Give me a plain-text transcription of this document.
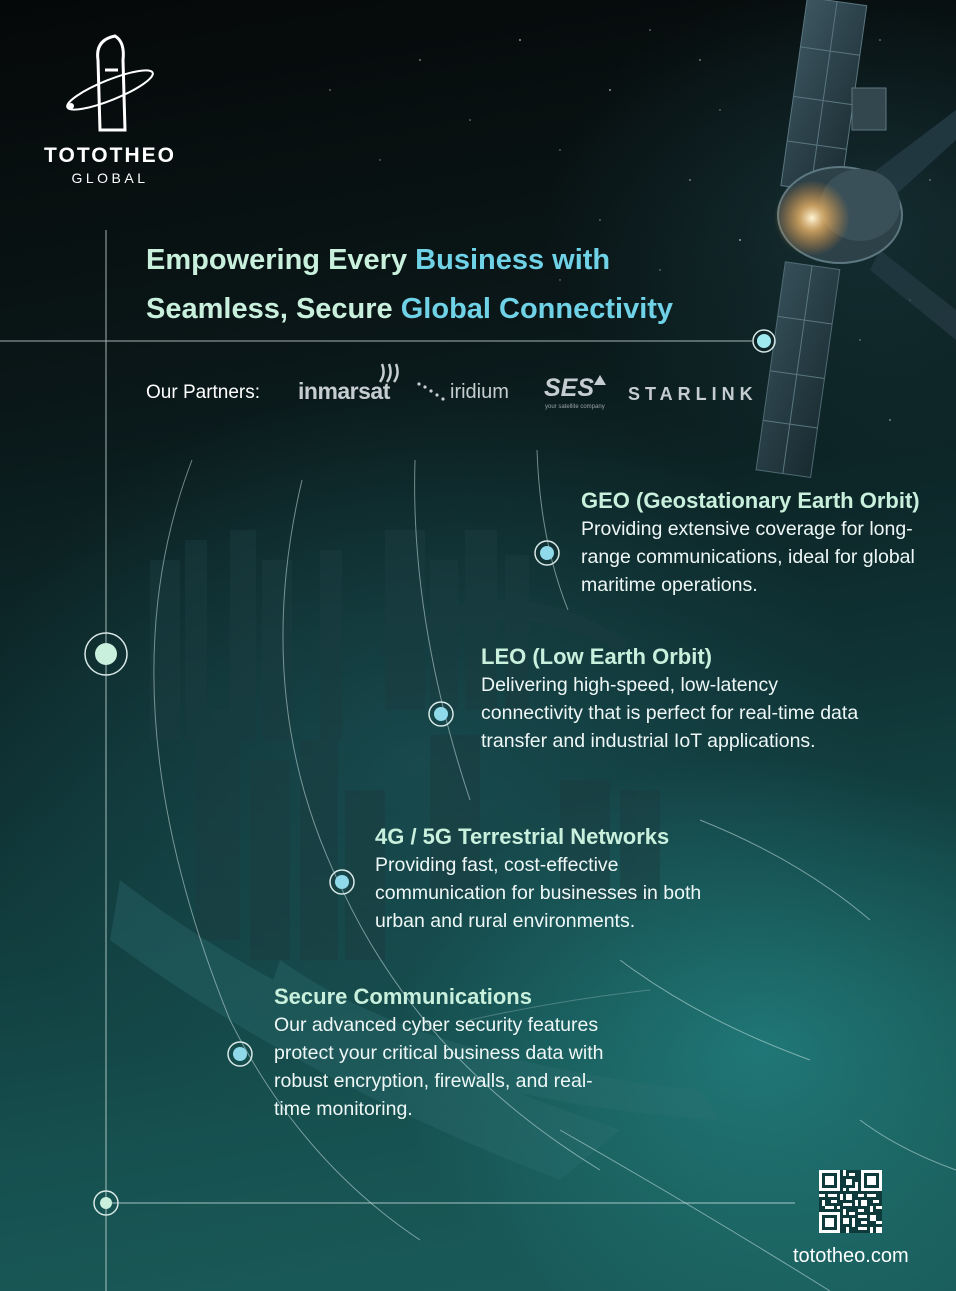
TOTOTHEO
GLOBAL
Empowering Every Business with
Seamless, Secure Global Connectivity
Our Partners: inmarsat	iridium SES
your satellite company
STARLINK
GEO (Geostationary Earth Orbit)

Providing extensive coverage for long-range communications, ideal for global maritime operations.

LEO (Low Earth Orbit)

Delivering high-speed, low-latency connectivity that is perfect for real-time data transfer and industrial IoT applications.

4G / 5G Terrestrial Networks

Providing fast, cost-effective communication for businesses in both urban and rural environments.

Secure Communications

Our advanced cyber security features protect your critical business data with robust encryption, firewalls, and real-time monitoring.

tototheo.com
